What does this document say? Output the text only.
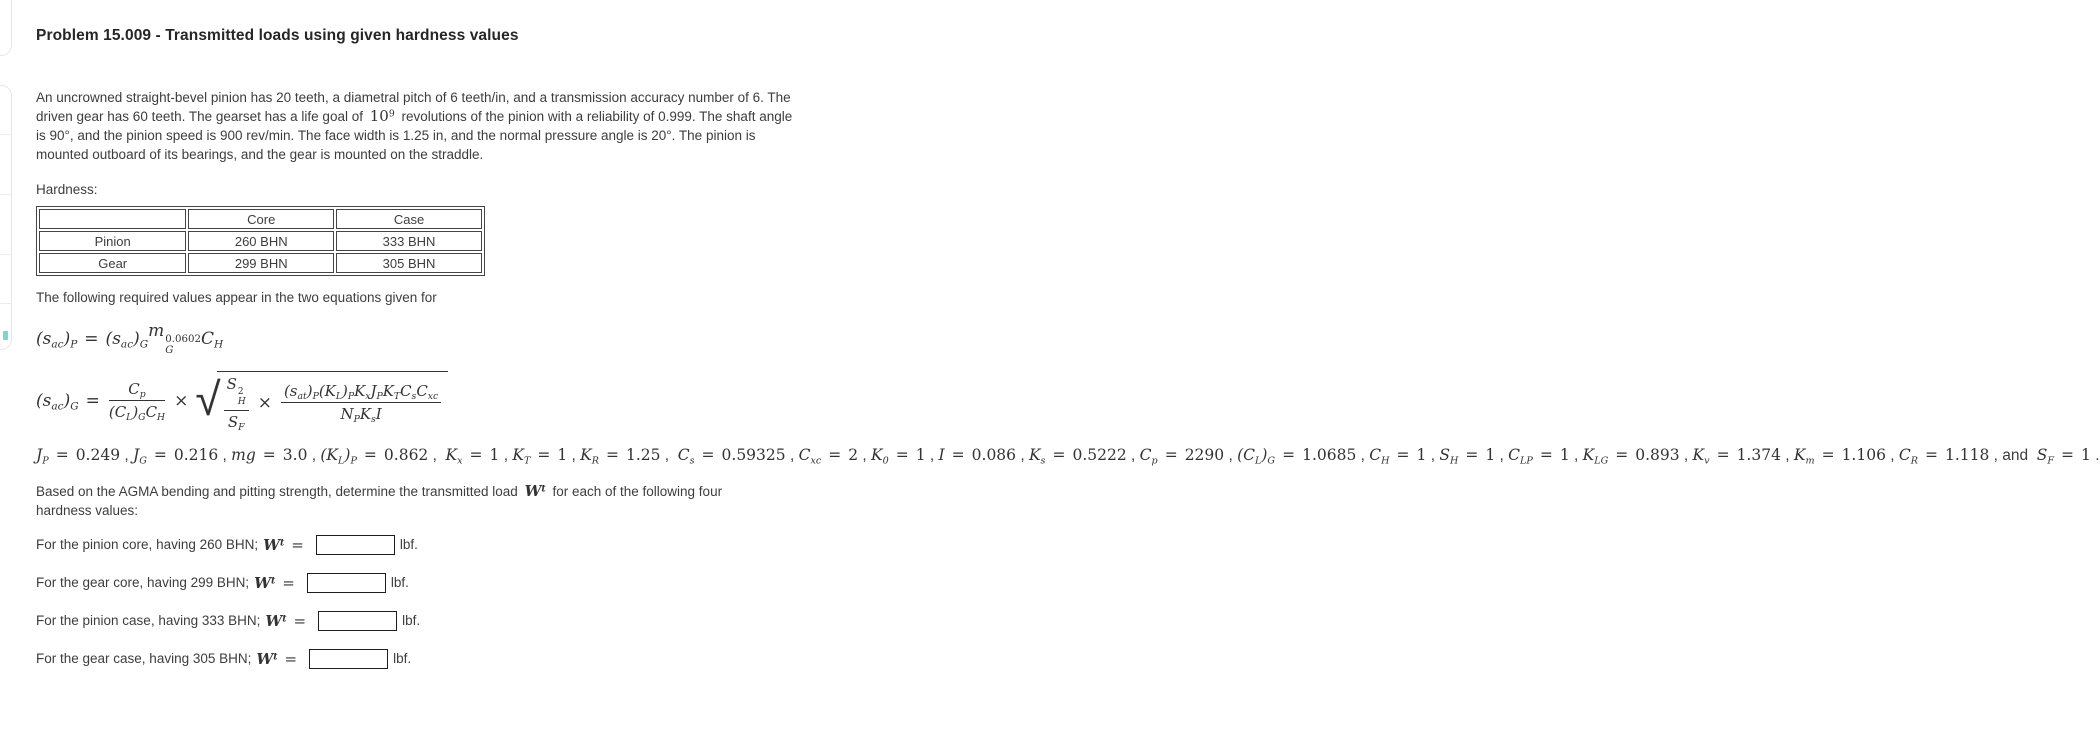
Problem 15.009 - Transmitted loads using given hardness values
An uncrowned straight-bevel pinion has 20 teeth, a diametral pitch of 6 teeth/in, and a transmission accuracy number of 6. The driven gear has 60 teeth. The gearset has a life goal of $10^9$ revolutions of the pinion with a reliability of 0.999. The shaft angle is 90°, and the pinion speed is 900 rev/min. The face width is 1.25 in, and the normal pressure angle is 20°. The pinion is mounted outboard of its bearings, and the gear is mounted on the straddle.
Hardness:
	Core	Case
Pinion	260 BHN	333 BHN
Gear	299 BHN	305 BHN
The following required values appear in the two equations given for
( $s_{ac}$ )$_P$ = ( $s_{ac}$ )$_G$
m 0.0602
G
$C_H$
( $s_{ac}$ )$_G = \frac{C_p}{(C_L)_GC_H}$ × √ S 2
H
$S_F \times \frac{(s_{at})_P(K_L)_PK_xJ_PK_TC_sC_{xc}}{N_PK_sI}$
$J_P = 0.249$ , $J_G = 0.216$ , mg = 3.0 , $(K_L)_P = 0.862$ ,  $K_x = 1$ , $K_T = 1$ , $K_R = 1.25$ ,  $C_s = 0.59325$ , $C_{xc} = 2$ , $K_0 = 1$ , I = 0.086 , $K_s = 0.5222$ , $C_p = 2290$ , $(C_L)_G = 1.0685$ , $C_H = 1$ , $S_H = 1$ , $C_{LP} = 1$ , $K_{LG} = 0.893$ , $K_v = 1.374$ , $K_m = 1.106$ , $C_R = 1.118$ , and  $S_F = 1$ .
Based on the AGMA bending and pitting strength, determine the transmitted load $W^t$ for each of the following four hardness values:
For the pinion core, having 260 BHN; $W^t$ =	lbf.
For the gear core, having 299 BHN; $W^t$ =	lbf.
For the pinion case, having 333 BHN; $W^t$ =	lbf.
For the gear case, having 305 BHN; $W^t$ =	lbf.
